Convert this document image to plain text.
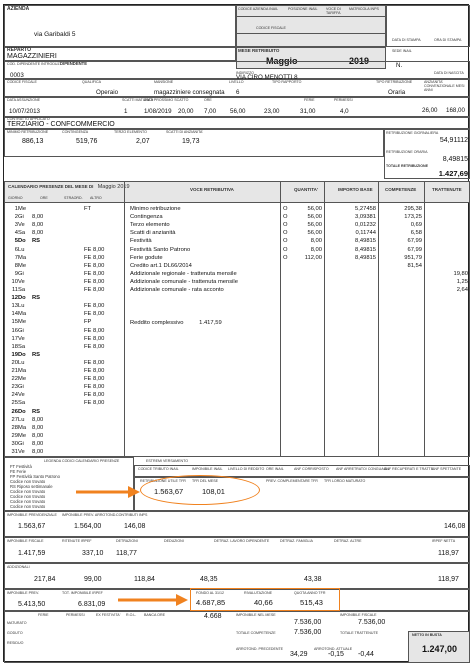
AZIENDA
via Garibaldi 5
CODICE AZIENDA INAIL	POSIZIONE INAIL VOCE DI TARIFFA
MATRICOLA INPS
CODICE FISCALE
DATA DI STAMPA	ORA DI STAMPA
SEDE INAIL
REPARTO
MAGAZZINIERI
MESE RETRIBUITO
Maggio	2019	N.
COD. DIPENDENTE INTRODUZ. DIPENDENTE
INDIRIZZO	DATA DI NASCITA
0003	VIA CIRO MENOTTI 8
CODICE FISCALE	QUALIFICA	MANSIONE	LIVELLO	TIPO RAPPORTO	TIPO RETRIBUZIONE	ANZIANITA' CONVENZIONALE MESI ANNI
Operaio	magazziniere consegnata 6	Oraria
DATA ASSUNZIONE	SCATTI MATURATI
DATA PROSSIMO SCATTO	ORE	FERIE	PERMESSI
10/07/2013	1	1/08/2019 20,00 7,00 56,00	23,00	31,00	4,0	26,00 168,00
CONTRATTO APPLICATO
TERZIARIO - CONFCOMMERCIO
MINIMO RETRIBUZIONE	CONTINGENZA	TERZO ELEMENTO	SCATTI DI ANZIANITA'
886,13	519,76	2,07	19,73
RETRIBUZIONE GIORNALIERA
54,91112
RETRIBUZIONE ORARIA
8,49815
TOTALE RETRIBUZIONE
1.427,69
CALENDARIO PRESENZE DEL MESE DI Maggio 2019	VOCE RETRIBUTIVA	QUANTITA'	IMPORTO BASE	COMPETENZE	TRATTENUTE
GIORNO	ORE	STRAORD. ALTRO
1Me	FT
2Gi 8,00
3Ve 8,00
4Sa 8,00
5Do RS
6Lu	FE 8,00
7Ma	FE 8,00
8Me	FE 8,00
9Gi	FE 8,00
10Ve	FE 8,00
11Sa	FE 8,00
12Do RS
13Lu	FE 8,00
14Ma	FE 8,00
15Me	FP
16Gi	FE 8,00
17Ve	FE 8,00
18Sa	FE 8,00
19Do RS
20Lu	FE 8,00
21Ma	FE 8,00
22Me	FE 8,00
23Gi	FE 8,00
24Ve	FE 8,00
25Sa	FE 8,00
26Do RS
27Lu 8,00
28Ma 8,00
29Me 8,00
30Gi 8,00
31Ve 8,00
Minimo retribuzione	O	56,00	5,27458	295,38
Contingenza	O	56,00	3,09381	173,25
Terzo elemento	O	56,00	0,01232	0,69
Scatti di anzianità	O	56,00	0,11744	6,58
Festività	O	8,00	8,49815	67,99
Festività Santo Patrono	O	8,00	8,49815	67,99
Ferie godute	O	112,00	8,49815	951,79
Credito art.1 DL66/2014	81,54
Addizionale regionale - trattenuta mensile	19,80
Addizionale comunale - trattenuta mensile	1,25
Addizionale comunale - rata acconto	2,64
Reddito complessivo	1.417,59
LEGENDA CODICI CALENDARIO PRESENZE
FT Festività
FE Ferie
FP Festività Santo Patrono
Codice non trovato
RS Riposo settimanale
Codice non trovato
Codice non trovato
Codice non trovato
Codice non trovato
ESTREMI VERSAMENTO
CODICE TRIBUTO INAIL	IMPONIBILE INAIL LIVELLO DI REDDITO ORE INAIL	ANF CORRISPOSTO ANF ARRETRATO/ CONGUAGLI
ANF RECUPERATI E TRATTE.
ANF SPETTANTE
RETRIBUZIONE UTILE TFR TFR DEL MESE	PREV. COMPLEMENTARE TFR TFR LORDO MATURATO
1.563,67	108,01
IMPONIBILE PREVIDENZIALE IMPONIBILE PREV. ARROTOND. CONTRIBUTI INPS
1.563,67	1.564,00	146,08	146,08
IMPONIBILE FISCALE	RITENUTE IRPEF	DETRAZIONI	DEDUZIONI	DETRAZ. LAVORO DIPENDENTE	DETRAZ. FAMIGLIA	DETRAZ. ALTRE	IRPEF NETTA
1.417,59	337,10 118,77	118,97
ADDIZIONALI
217,84	99,00	118,84	48,35	43,38	118,97
IMPONIBILE PREV.	TOT. IMPONIBILE IRPEF	FONDO AL 31/12	RIVALUTAZIONE	QUOTA ANNO TFR
5.413,50	6.831,09	4.687,85	40,66	515,43
FERIE	PERMESSI	EX FESTIVITA' R.O.L. BANCA ORE
MATURATO
GODUTO
RESIDUO
IMPONIBILE NEL MESE
4.668	IMPONIBILE FISCALE
TOTALE COMPETENZE
7.536,00
7.536,00	TOTALE TRATTENUTE
7.536,00
ARROTOND. PRECEDENTE
34,29
ARROTOND. ATTUALE
-0,15 -0,44
NETTO IN BUSTA
1.247,00
